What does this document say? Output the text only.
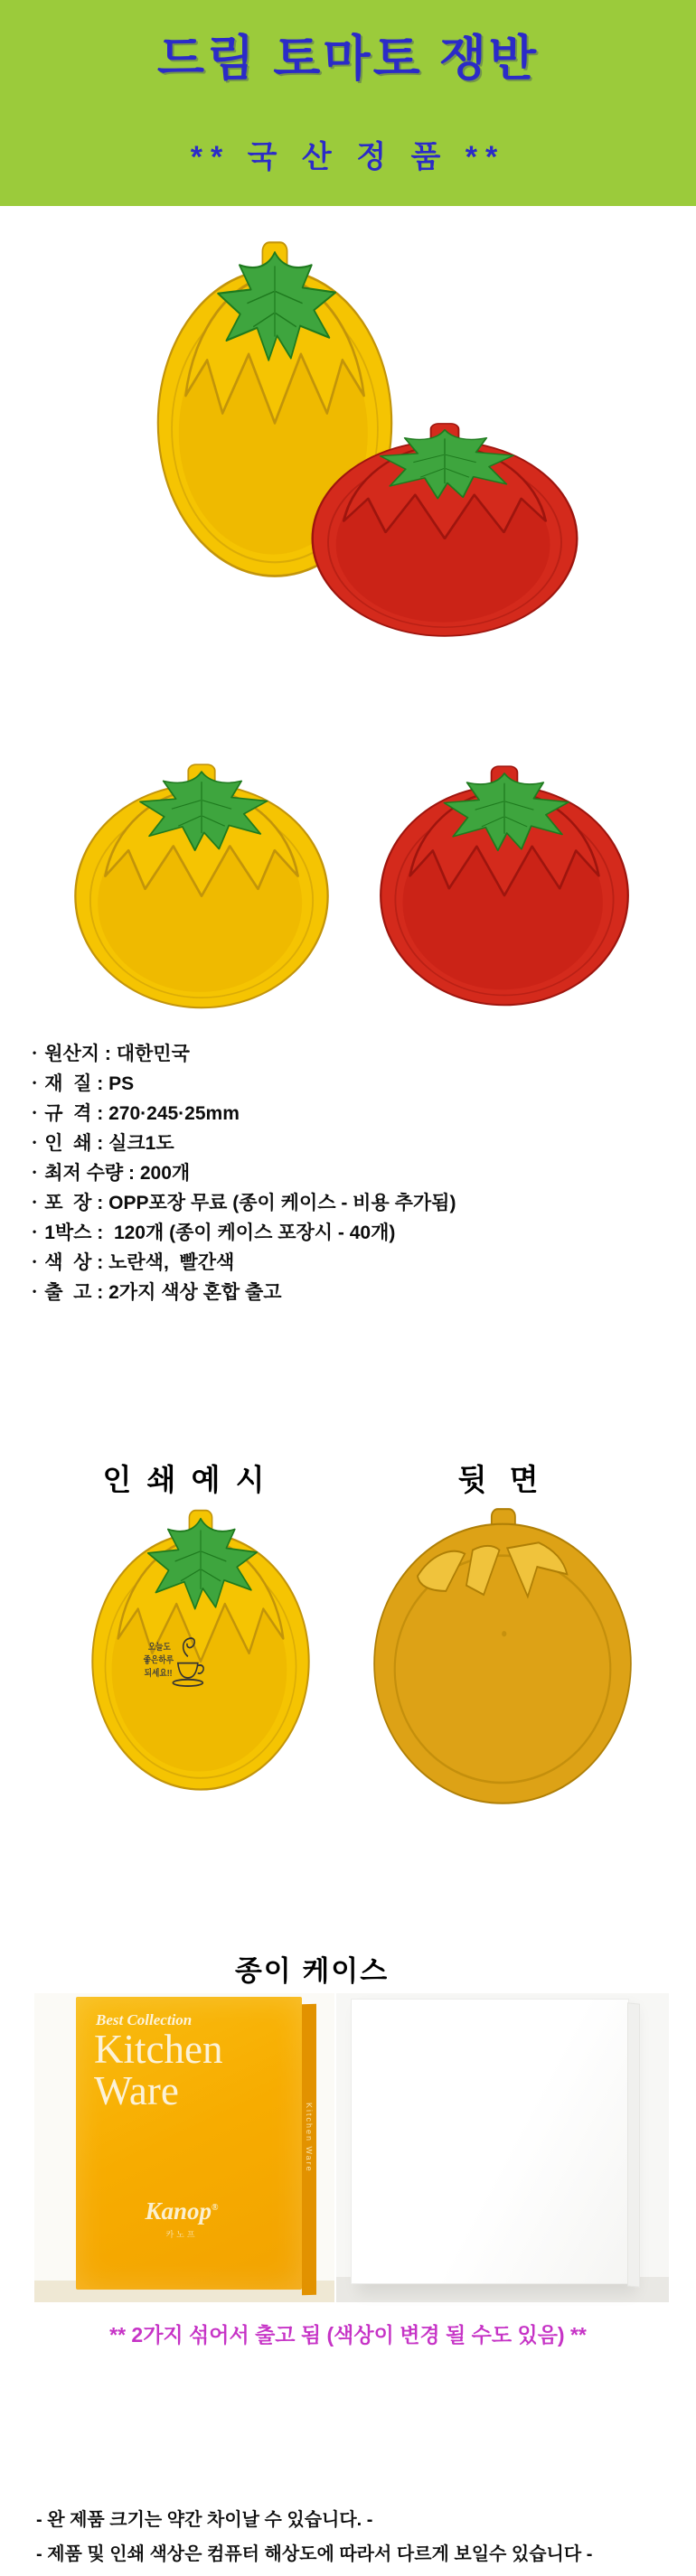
드림 토마토 쟁반
** 국 산 정 품 **
• 원산지 : 대한민국
• 재  질 : PS
• 규  격 : 270·245·25mm
• 인  쇄 : 실크1도
• 최저 수량 : 200개
• 포  장 : OPP포장 무료 (종이 케이스 - 비용 추가됨)
• 1박스 :  120개 (종이 케이스 포장시 - 40개)
• 색  상 : 노란색,  빨간색
• 출  고 : 2가지 색상 혼합 출고
인 쇄 예 시	뒷 면
오늘도
좋은하루
되세요!!
종이 케이스
Best Collection
Kitchen
Ware
Kanop®
카노프
Kitchen Ware
** 2가지 섞어서 출고 됨 (색상이 변경 될 수도 있음) **
- 완 제품 크기는 약간 차이날 수 있습니다. -
- 제품 및 인쇄 색상은 컴퓨터 해상도에 따라서 다르게 보일수 있습니다 -
